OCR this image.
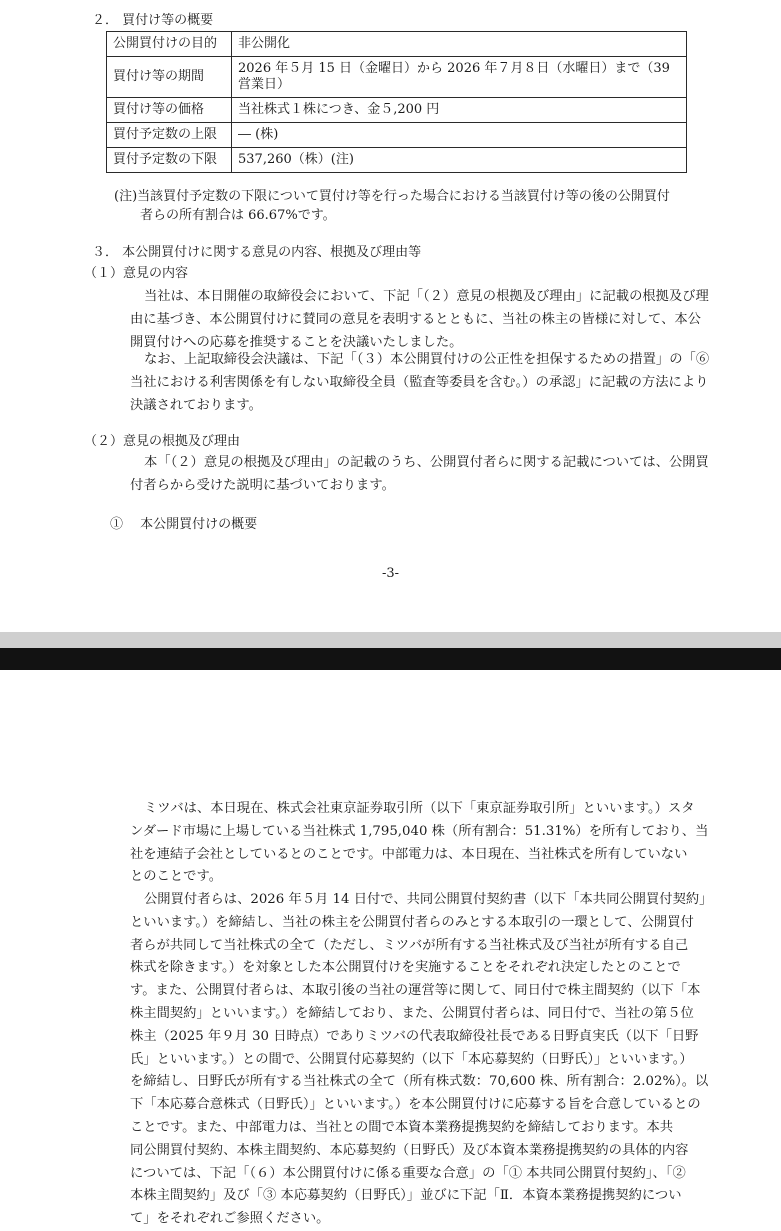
２． 買付け等の概要
公開買付けの目的	非公開化
買付け等の期間	2026 年５月 15 日（金曜日）から 2026 年７月８日（水曜日）まで（39 営業日）
買付け等の価格	当社株式１株につき、金５,200 円
買付予定数の上限	― (株)
買付予定数の下限	537,260（株）(注)
(注)当該買付予定数の下限について買付け等を行った場合における当該買付け等の後の公開買付
　　者らの所有割合は 66.67%です。
３． 本公開買付けに関する意見の内容、根拠及び理由等
（１）意見の内容
当社は、本日開催の取締役会において、下記「（２）意見の根拠及び理由」に記載の根拠及び理
由に基づき、本公開買付けに賛同の意見を表明するとともに、当社の株主の皆様に対して、本公
開買付けへの応募を推奨することを決議いたしました。
なお、上記取締役会決議は、下記「（３）本公開買付けの公正性を担保するための措置」の「⑥
当社における利害関係を有しない取締役全員（監査等委員を含む。）の承認」に記載の方法により
決議されております。
（２）意見の根拠及び理由
本「（２）意見の根拠及び理由」の記載のうち、公開買付者らに関する記載については、公開買
付者らから受けた説明に基づいております。
①　 本公開買付けの概要
-3-
ミツバは、本日現在、株式会社東京証券取引所（以下「東京証券取引所」といいます。）スタ
ンダード市場に上場している当社株式 1,795,040 株（所有割合：51.31%）を所有しており、当
社を連結子会社としているとのことです。中部電力は、本日現在、当社株式を所有していない
とのことです。
公開買付者らは、2026 年５月 14 日付で、共同公開買付契約書（以下「本共同公開買付契約」
といいます。）を締結し、当社の株主を公開買付者らのみとする本取引の一環として、公開買付
者らが共同して当社株式の全て（ただし、ミツバが所有する当社株式及び当社が所有する自己
株式を除きます。）を対象とした本公開買付けを実施することをそれぞれ決定したとのことで
す。また、公開買付者らは、本取引後の当社の運営等に関して、同日付で株主間契約（以下「本
株主間契約」といいます。）を締結しており、また、公開買付者らは、同日付で、当社の第５位
株主（2025 年９月 30 日時点）でありミツバの代表取締役社長である日野貞実氏（以下「日野
氏」といいます。）との間で、公開買付応募契約（以下「本応募契約（日野氏）」といいます。）
を締結し、日野氏が所有する当社株式の全て（所有株式数：70,600 株、所有割合：2.02%）。以
下「本応募合意株式（日野氏）」といいます。）を本公開買付けに応募する旨を合意しているとの
ことです。また、中部電力は、当社との間で本資本業務提携契約を締結しております。本共
同公開買付契約、本株主間契約、本応募契約（日野氏）及び本資本業務提携契約の具体的内容
については、下記「（６）本公開買付けに係る重要な合意」の「① 本共同公開買付契約」、「②
本株主間契約」及び「③ 本応募契約（日野氏）」並びに下記「Ⅱ．本資本業務提携契約につい
て」をそれぞれご参照ください。
